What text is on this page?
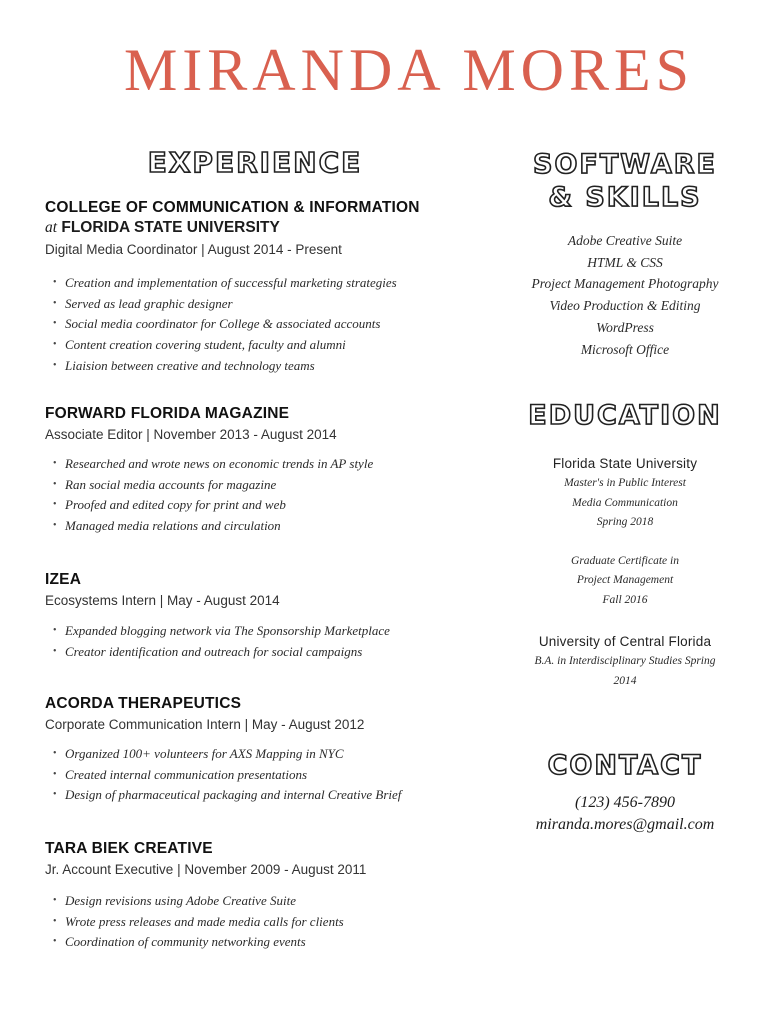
MIRANDA MORES
EXPERIENCE
COLLEGE OF COMMUNICATION & INFORMATION
at FLORIDA STATE UNIVERSITY
Digital Media Coordinator | August 2014 - Present
• Creation and implementation of successful marketing strategies
• Served as lead graphic designer
• Social media coordinator for College & associated accounts
• Content creation covering student, faculty and alumni
• Liaision between creative and technology teams
FORWARD FLORIDA MAGAZINE
Associate Editor | November 2013 - August 2014
• Researched and wrote news on economic trends in AP style
• Ran social media accounts for magazine
• Proofed and edited copy for print and web
• Managed media relations and circulation
IZEA
Ecosystems Intern | May - August 2014
• Expanded blogging network via The Sponsorship Marketplace
• Creator identification and outreach for social campaigns
ACORDA THERAPEUTICS
Corporate Communication Intern | May - August 2012
• Organized 100+ volunteers for AXS Mapping in NYC
• Created internal communication presentations
• Design of pharmaceutical packaging and internal Creative Brief
TARA BIEK CREATIVE
Jr. Account Executive | November 2009 - August 2011
• Design revisions using Adobe Creative Suite
• Wrote press releases and made media calls for clients
• Coordination of community networking events
SOFTWARE
& SKILLS
Adobe Creative Suite
HTML & CSS
Project Management Photography
Video Production & Editing
WordPress
Microsoft Office
EDUCATION
Florida State University
Master's in Public Interest
Media Communication
Spring 2018
Graduate Certificate in
Project Management
Fall 2016
University of Central Florida
B.A. in Interdisciplinary Studies Spring
2014
CONTACT
(123) 456-7890
miranda.mores@gmail.com
